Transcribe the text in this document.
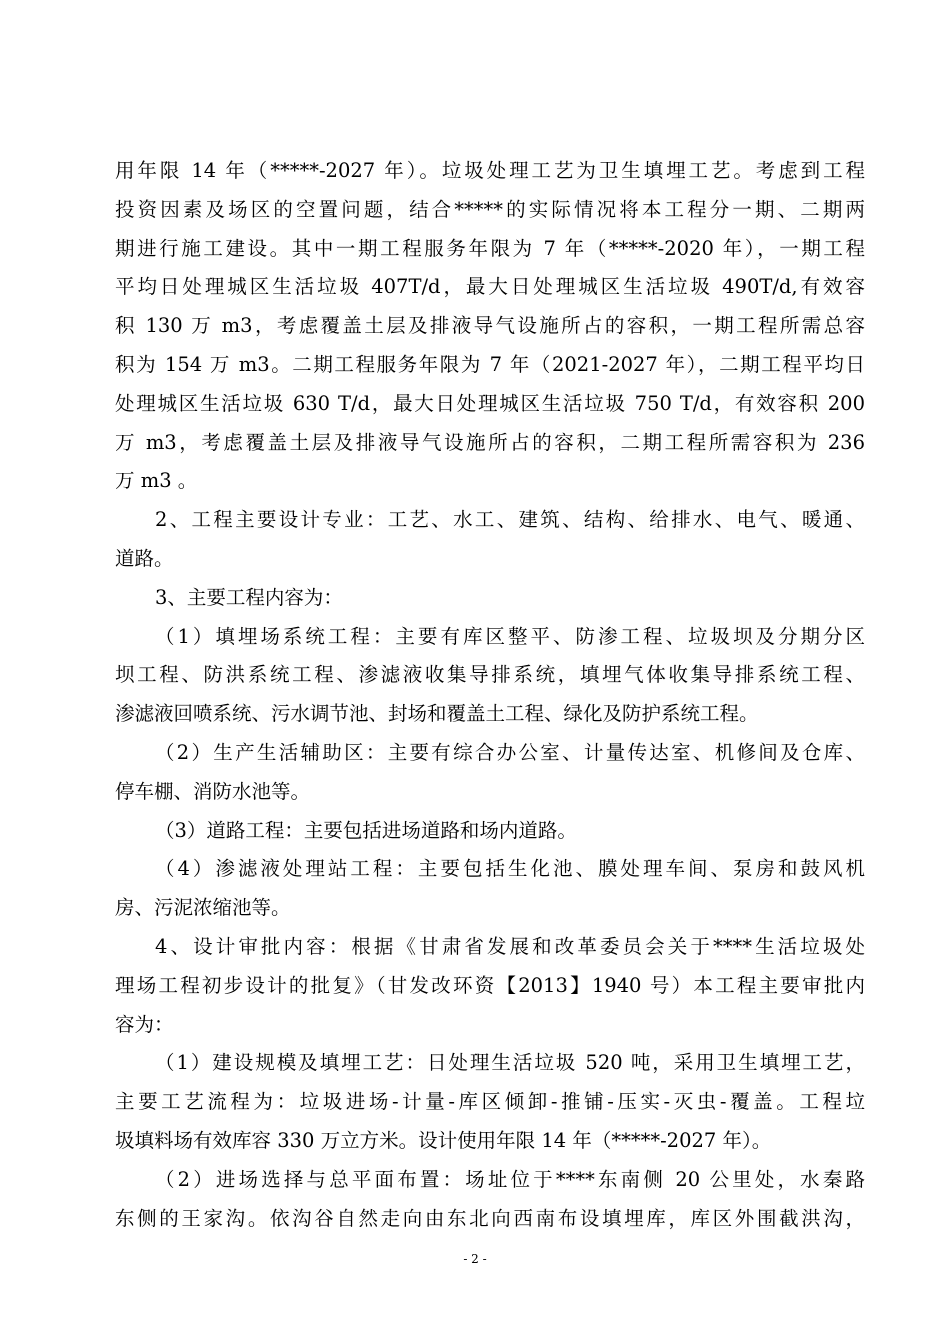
用年限 14 年（*****-2027 年）。垃圾处理工艺为卫生填埋工艺。考虑到工程
投资因素及场区的空置问题，结合*****的实际情况将本工程分一期、二期两
期进行施工建设。其中一期工程服务年限为 7 年（*****-2020 年），一期工程
平均日处理城区生活垃圾 407T/d，最大日处理城区生活垃圾 490T/d,有效容
积 130 万 m3，考虑覆盖土层及排液导气设施所占的容积，一期工程所需总容
积为 154 万 m3。二期工程服务年限为 7 年（2021-2027 年），二期工程平均日
处理城区生活垃圾 630 T/d，最大日处理城区生活垃圾 750 T/d，有效容积 200
万 m3，考虑覆盖土层及排液导气设施所占的容积，二期工程所需容积为 236
万 m3 。
2、工程主要设计专业：工艺、水工、建筑、结构、给排水、电气、暖通、
道路。
3、主要工程内容为：
（1）填埋场系统工程：主要有库区整平、防渗工程、垃圾坝及分期分区
坝工程、防洪系统工程、渗滤液收集导排系统，填埋气体收集导排系统工程、
渗滤液回喷系统、污水调节池、封场和覆盖土工程、绿化及防护系统工程。
（2）生产生活辅助区：主要有综合办公室、计量传达室、机修间及仓库、
停车棚、消防水池等。
（3）道路工程：主要包括进场道路和场内道路。
（4）渗滤液处理站工程：主要包括生化池、膜处理车间、泵房和鼓风机
房、污泥浓缩池等。
4、设计审批内容：根据《甘肃省发展和改革委员会关于****生活垃圾处
理场工程初步设计的批复》（甘发改环资【2013】1940 号）本工程主要审批内
容为：
（1）建设规模及填埋工艺：日处理生活垃圾 520 吨，采用卫生填埋工艺，
主要工艺流程为：垃圾进场-计量-库区倾卸-推铺-压实-灭虫-覆盖。工程垃
圾填料场有效库容 330 万立方米。设计使用年限 14 年（*****-2027 年）。
（2）进场选择与总平面布置：场址位于****东南侧 20 公里处，水秦路
东侧的王家沟。依沟谷自然走向由东北向西南布设填埋库，库区外围截洪沟，
- 2 -
